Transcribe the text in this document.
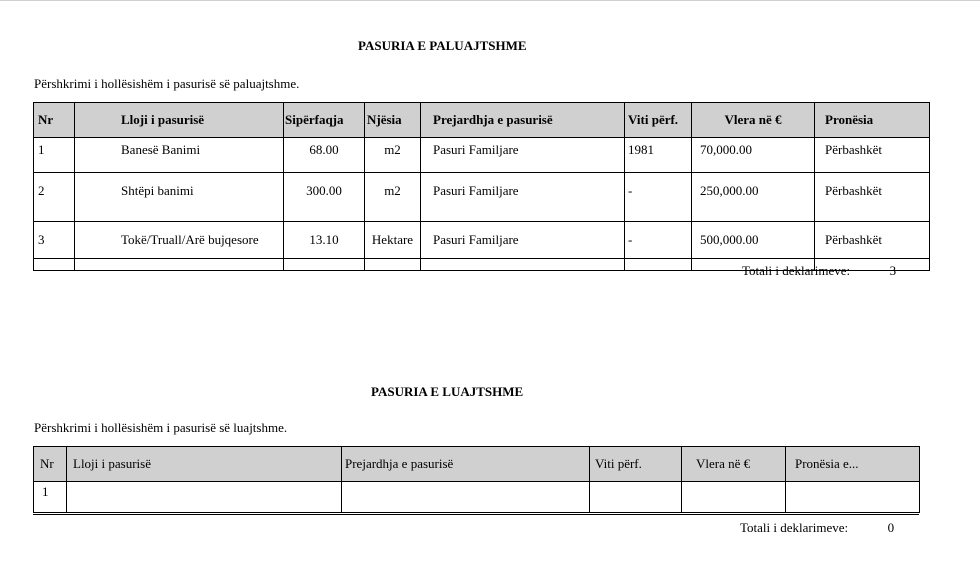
PASURIA E PALUAJTSHME
Përshkrimi i hollësishëm i pasurisë së paluajtshme.
Nr	Lloji i pasurisë	Sipërfaqja	Njësia	Prejardhja e pasurisë	Viti përf.	Vlera në €	Pronësia
1	Banesë Banimi	68.00	m2	Pasuri Familjare	1981	70,000.00	Përbashkët
2	Shtëpi banimi	300.00	m2	Pasuri Familjare	-	250,000.00	Përbashkët
3	Tokë/Truall/Arë bujqesore	13.10	Hektare	Pasuri Familjare	-	500,000.00	Përbashkët
Totali i deklarimeve:	3
PASURIA E LUAJTSHME
Përshkrimi i hollësishëm i pasurisë së luajtshme.
Nr	Lloji i pasurisë	Prejardhja e pasurisë	Viti përf.	Vlera në €	Pronësia e...
1					
Totali i deklarimeve:	0
